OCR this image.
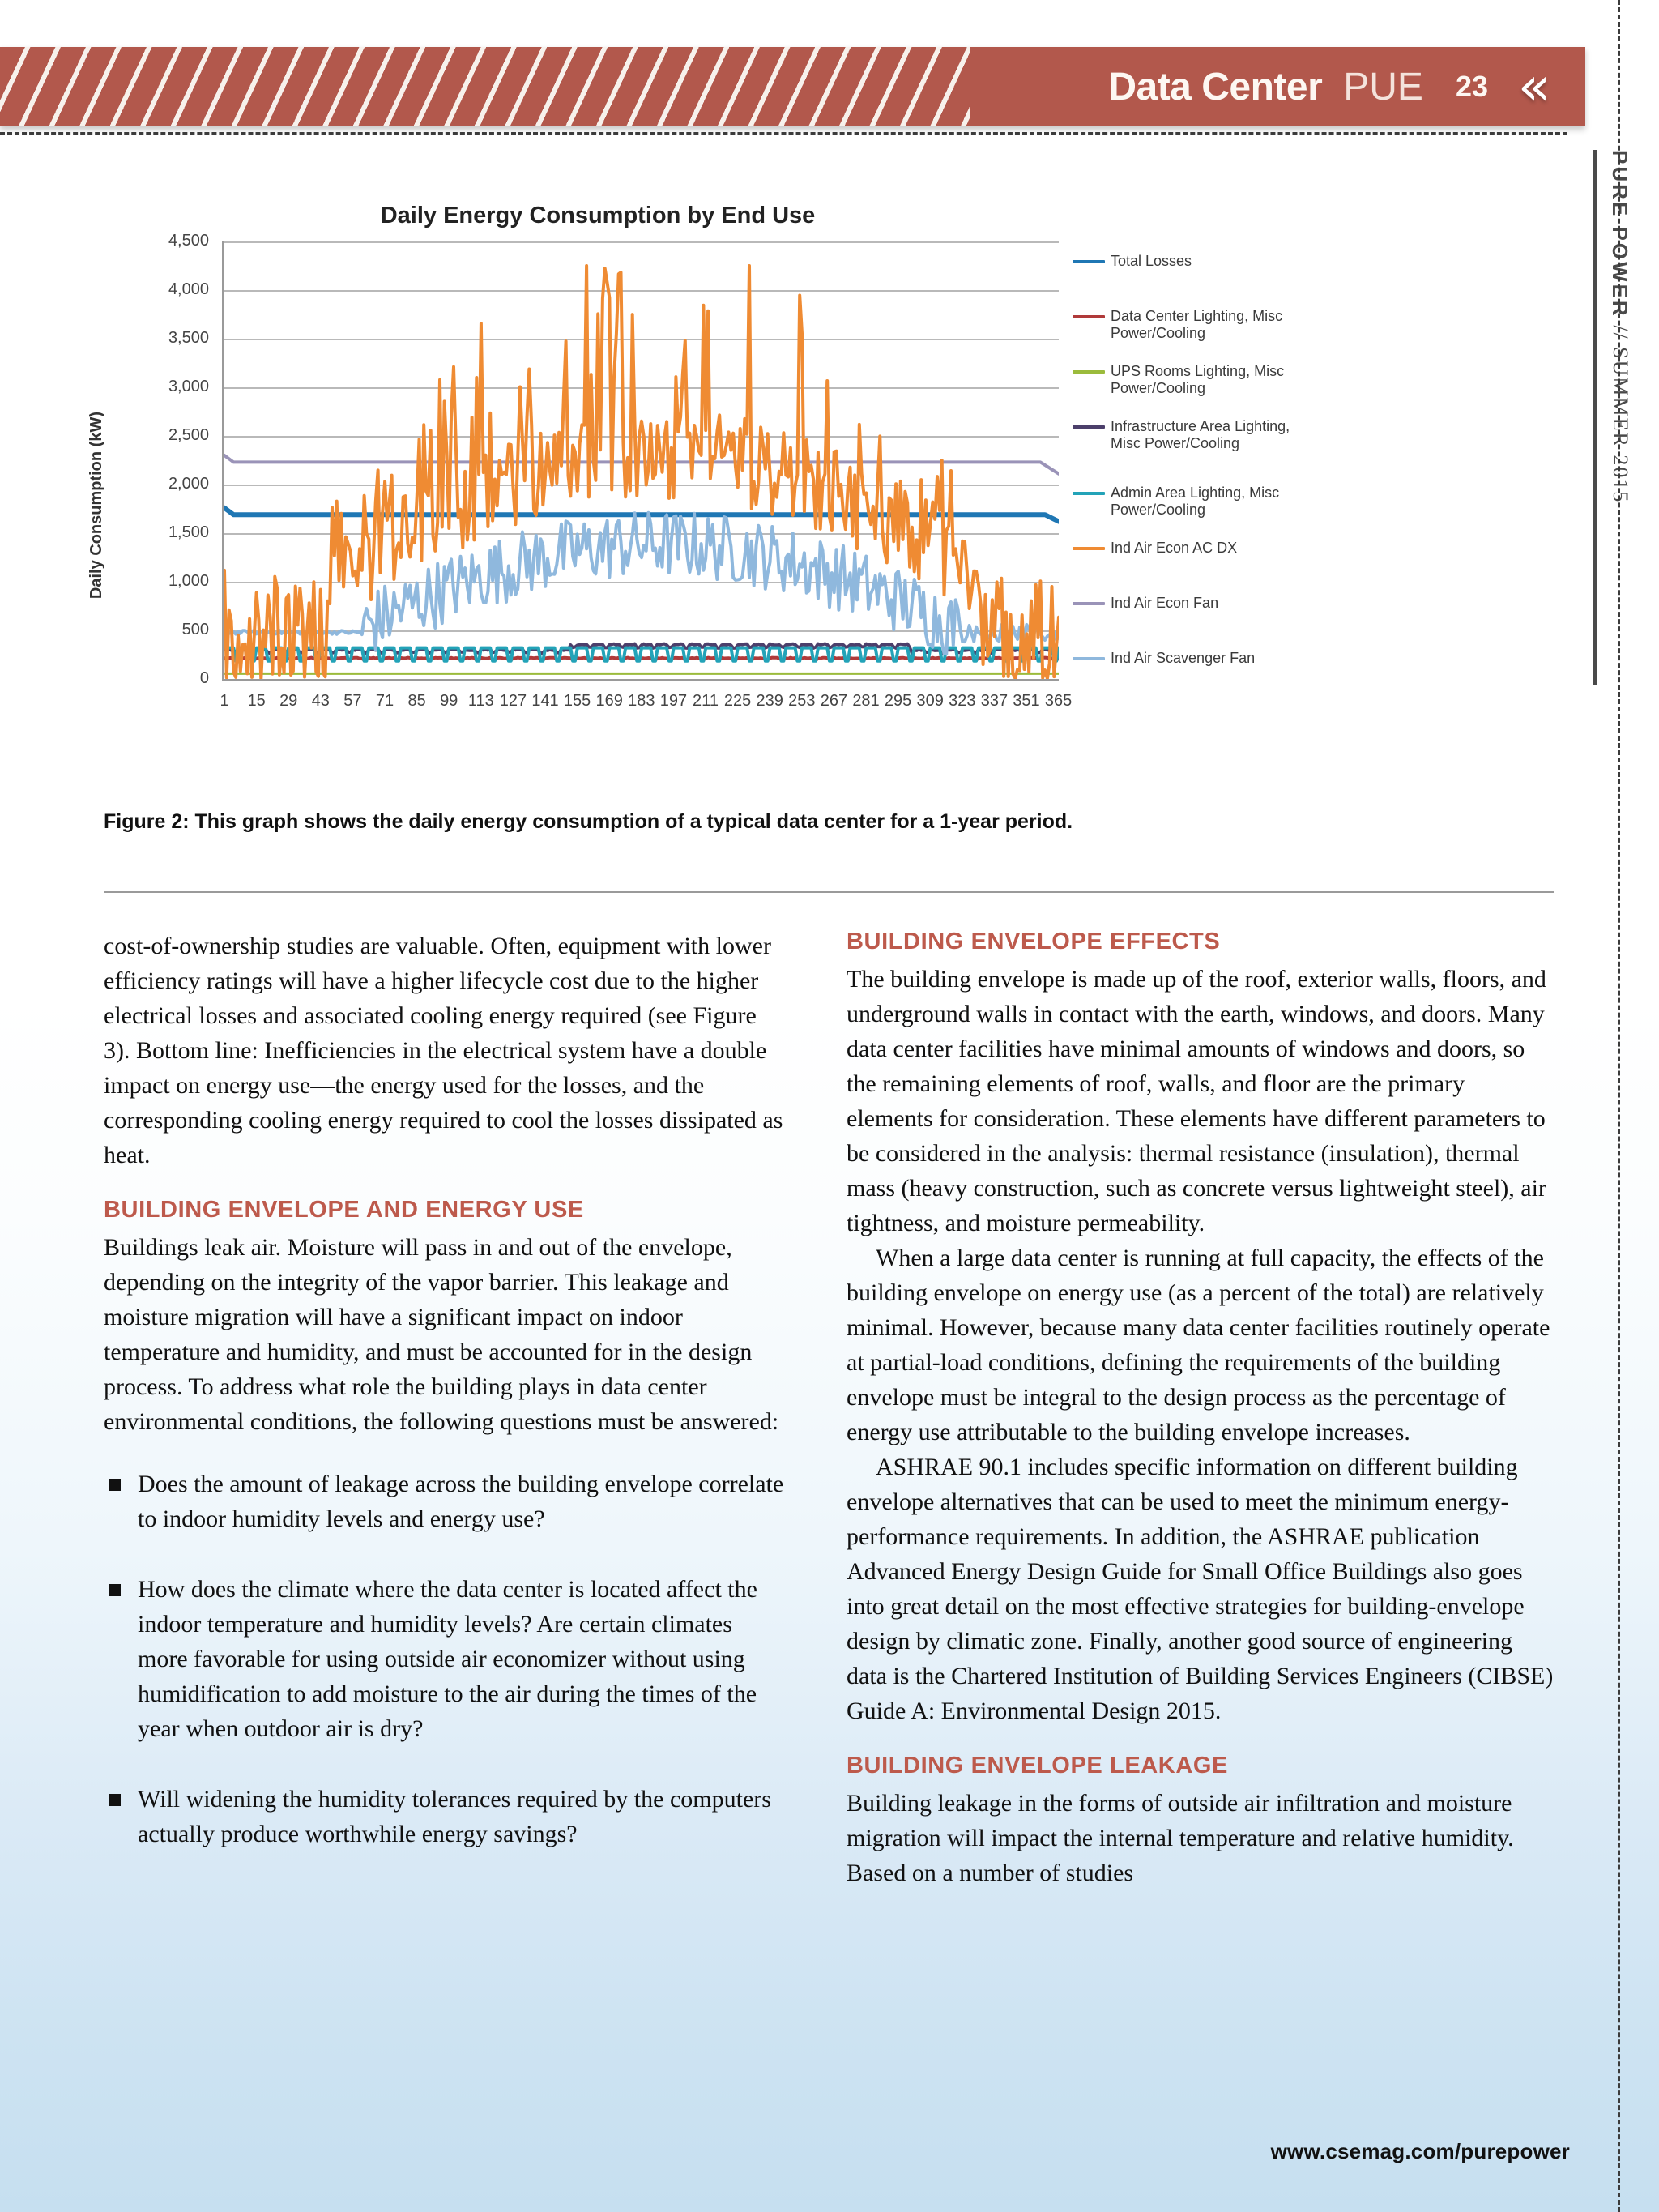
Data Center PUE 23 «
PURE POWER // SUMMER 2015
Daily Energy Consumption by End Use
Daily Consumption (kW)
4,500
4,000
3,500
3,000
2,500
2,000
1,500
1,000
500
0
1 15 29 43 57 71 85 99 113 127 141 155 169 183 197 211 225 239 253 267 281 295 309 323 337 351 365
Total Losses
Data Center Lighting, Misc Power/Cooling
UPS Rooms Lighting, Misc Power/Cooling
Infrastructure Area Lighting, Misc Power/Cooling
Admin Area Lighting, Misc Power/Cooling
Ind Air Econ AC DX
Ind Air Econ Fan
Ind Air Scavenger Fan
Figure 2: This graph shows the daily energy consumption of a typical data center for a 1-year period.

cost-of-ownership studies are valuable. Often, equipment with lower efficiency ratings will have a higher lifecycle cost due to the higher electrical losses and associated cooling energy required (see Figure 3). Bottom line: Inefficiencies in the electrical system have a double impact on energy use—the energy used for the losses, and the corresponding cooling energy required to cool the losses dissipated as heat.

BUILDING ENVELOPE AND ENERGY USE

Buildings leak air. Moisture will pass in and out of the envelope, depending on the integrity of the vapor barrier. This leakage and moisture migration will have a significant impact on indoor temperature and humidity, and must be accounted for in the design process. To address what role the building plays in data center environmental conditions, the following questions must be answered:

Does the amount of leakage across the building envelope correlate to indoor humidity levels and energy use?
How does the climate where the data center is located affect the indoor temperature and humidity levels? Are certain climates more favorable for using outside air economizer without using humidification to add moisture to the air during the times of the year when outdoor air is dry?
Will widening the humidity tolerances required by the computers actually produce worthwhile energy savings?
BUILDING ENVELOPE EFFECTS

The building envelope is made up of the roof, exterior walls, floors, and underground walls in contact with the earth, windows, and doors. Many data center facilities have minimal amounts of windows and doors, so the remaining elements of roof, walls, and floor are the primary elements for consideration. These elements have different parameters to be considered in the analysis: thermal resistance (insulation), thermal mass (heavy construction, such as concrete versus lightweight steel), air tightness, and moisture permeability.

When a large data center is running at full capacity, the effects of the building envelope on energy use (as a percent of the total) are relatively minimal. However, because many data center facilities routinely operate at partial-load conditions, defining the requirements of the building envelope must be integral to the design process as the percentage of energy use attributable to the building envelope increases.

ASHRAE 90.1 includes specific information on different building envelope alternatives that can be used to meet the minimum energy-performance requirements. In addition, the ASHRAE publication Advanced Energy Design Guide for Small Office Buildings also goes into great detail on the most effective strategies for building-envelope design by climatic zone. Finally, another good source of engineering data is the Chartered Institution of Building Services Engineers (CIBSE) Guide A: Environmental Design 2015.

BUILDING ENVELOPE LEAKAGE

Building leakage in the forms of outside air infiltration and moisture migration will impact the internal temperature and relative humidity. Based on a number of studies

www.csemag.com/purepower
